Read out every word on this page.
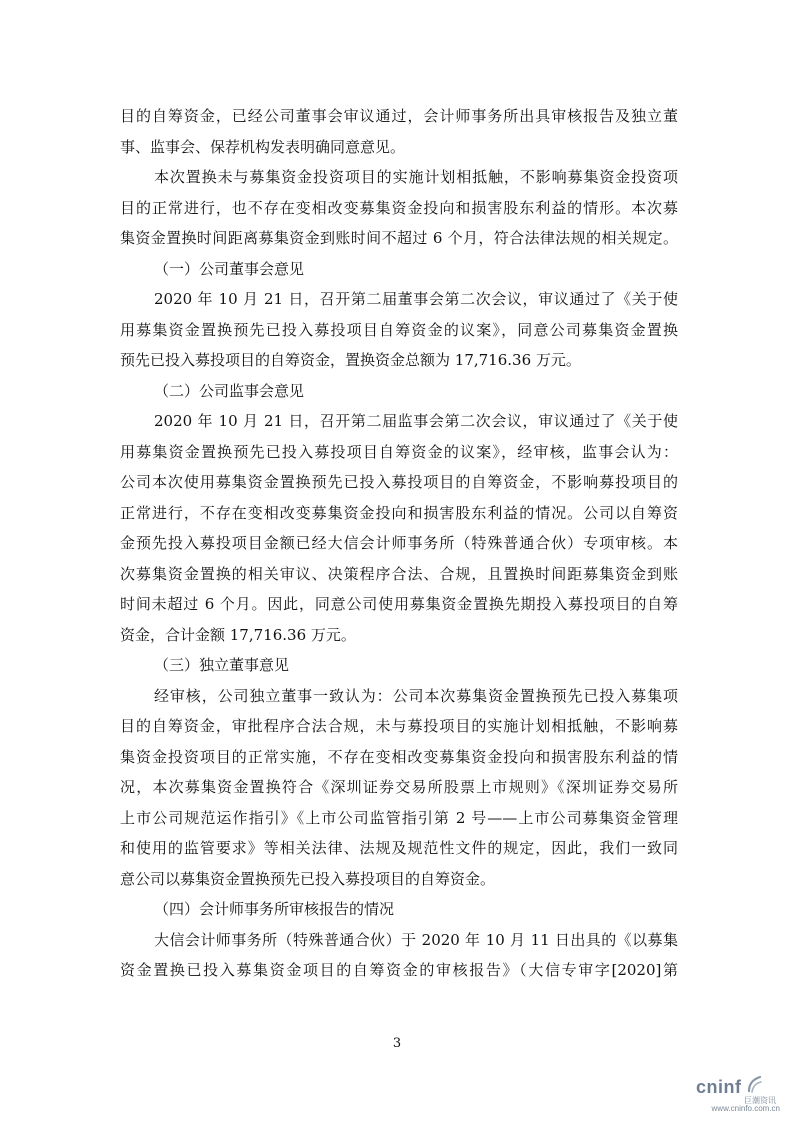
目的自筹资金，已经公司董事会审议通过，会计师事务所出具审核报告及独立董
事、监事会、保荐机构发表明确同意意见。
本次置换未与募集资金投资项目的实施计划相抵触，不影响募集资金投资项
目的正常进行，也不存在变相改变募集资金投向和损害股东利益的情形。本次募
集资金置换时间距离募集资金到账时间不超过 6 个月，符合法律法规的相关规定。
（一）公司董事会意见
2020 年 10 月 21 日，召开第二届董事会第二次会议，审议通过了《关于使
用募集资金置换预先已投入募投项目自筹资金的议案》，同意公司募集资金置换
预先已投入募投项目的自筹资金，置换资金总额为 17,716.36 万元。
（二）公司监事会意见
2020 年 10 月 21 日，召开第二届监事会第二次会议，审议通过了《关于使
用募集资金置换预先已投入募投项目自筹资金的议案》，经审核，监事会认为：
公司本次使用募集资金置换预先已投入募投项目的自筹资金，不影响募投项目的
正常进行，不存在变相改变募集资金投向和损害股东利益的情况。公司以自筹资
金预先投入募投项目金额已经大信会计师事务所（特殊普通合伙）专项审核。本
次募集资金置换的相关审议、决策程序合法、合规，且置换时间距募集资金到账
时间未超过 6 个月。因此，同意公司使用募集资金置换先期投入募投项目的自筹
资金，合计金额 17,716.36 万元。
（三）独立董事意见
经审核，公司独立董事一致认为：公司本次募集资金置换预先已投入募集项
目的自筹资金，审批程序合法合规，未与募投项目的实施计划相抵触，不影响募
集资金投资项目的正常实施，不存在变相改变募集资金投向和损害股东利益的情
况，本次募集资金置换符合《深圳证券交易所股票上市规则》《深圳证券交易所
上市公司规范运作指引》《上市公司监管指引第 2 号——上市公司募集资金管理
和使用的监管要求》等相关法律、法规及规范性文件的规定，因此，我们一致同
意公司以募集资金置换预先已投入募投项目的自筹资金。
（四）会计师事务所审核报告的情况
大信会计师事务所（特殊普通合伙）于 2020 年 10 月 11 日出具的《以募集
资金置换已投入募集资金项目的自筹资金的审核报告》（大信专审字[2020]第
3
cninf
巨潮资讯
www.cninfo.com.cn
